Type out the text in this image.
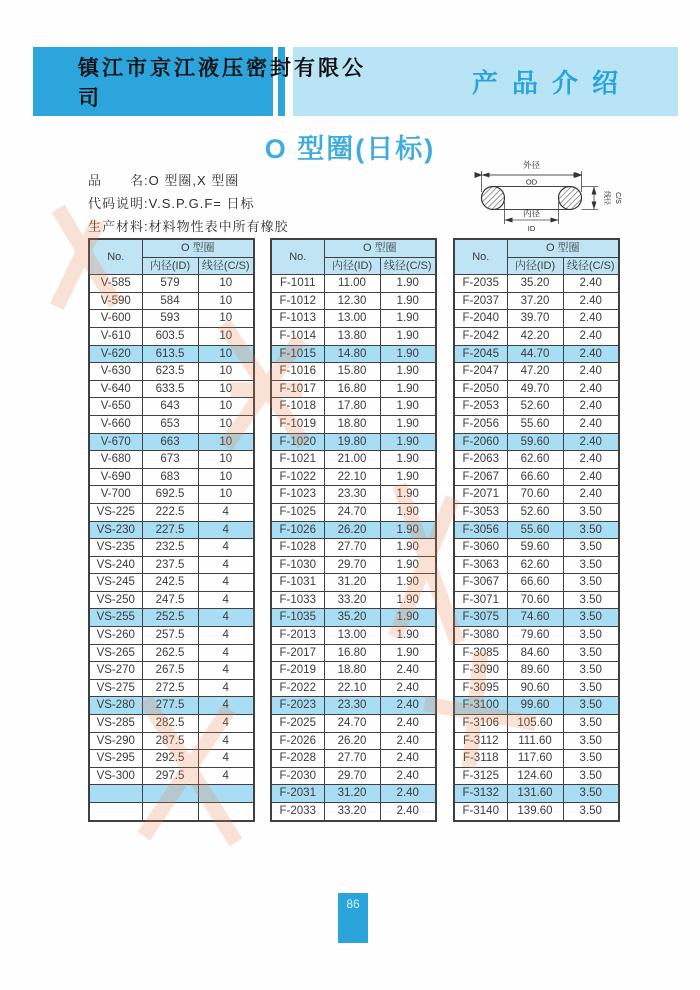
镇江市京江液压密封有限公司	产品介绍
O 型圈(日标)
品　　名:O 型圈,X 型圈
代码说明:V.S.P.G.F= 日标
生产材料:材料物性表中所有橡胶
外径
OD
内径
ID
线径 C/S
No.	O 型圈	
	内径(ID)	线径(C/S)
V-585	579	10
V-590	584	10
V-600	593	10
V-610	603.5	10
V-620	613.5	10
V-630	623.5	10
V-640	633.5	10
V-650	643	10
V-660	653	10
V-670	663	10
V-680	673	10
V-690	683	10
V-700	692.5	10
VS-225	222.5	4
VS-230	227.5	4
VS-235	232.5	4
VS-240	237.5	4
VS-245	242.5	4
VS-250	247.5	4
VS-255	252.5	4
VS-260	257.5	4
VS-265	262.5	4
VS-270	267.5	4
VS-275	272.5	4
VS-280	277.5	4
VS-285	282.5	4
VS-290	287.5	4
VS-295	292.5	4
VS-300	297.5	4

No.	O 型圈	
	内径(ID)	线径(C/S)
F-1011	11.00	1.90
F-1012	12.30	1.90
F-1013	13.00	1.90
F-1014	13.80	1.90
F-1015	14.80	1.90
F-1016	15.80	1.90
F-1017	16.80	1.90
F-1018	17.80	1.90
F-1019	18.80	1.90
F-1020	19.80	1.90
F-1021	21.00	1.90
F-1022	22.10	1.90
F-1023	23.30	1.90
F-1025	24.70	1.90
F-1026	26.20	1.90
F-1028	27.70	1.90
F-1030	29.70	1.90
F-1031	31.20	1.90
F-1033	33.20	1.90
F-1035	35.20	1.90
F-2013	13.00	1.90
F-2017	16.80	1.90
F-2019	18.80	2.40
F-2022	22.10	2.40
F-2023	23.30	2.40
F-2025	24.70	2.40
F-2026	26.20	2.40
F-2028	27.70	2.40
F-2030	29.70	2.40
F-2031	31.20	2.40
F-2033	33.20	2.40
No.	O 型圈	
	内径(ID)	线径(C/S)
F-2035	35.20	2.40
F-2037	37.20	2.40
F-2040	39.70	2.40
F-2042	42.20	2.40
F-2045	44.70	2.40
F-2047	47.20	2.40
F-2050	49.70	2.40
F-2053	52.60	2.40
F-2056	55.60	2.40
F-2060	59.60	2.40
F-2063	62.60	2.40
F-2067	66.60	2.40
F-2071	70.60	2.40
F-3053	52.60	3.50
F-3056	55.60	3.50
F-3060	59.60	3.50
F-3063	62.60	3.50
F-3067	66.60	3.50
F-3071	70.60	3.50
F-3075	74.60	3.50
F-3080	79.60	3.50
F-3085	84.60	3.50
F-3090	89.60	3.50
F-3095	90.60	3.50
F-3100	99.60	3.50
F-3106	105.60	3.50
F-3112	111.60	3.50
F-3118	117.60	3.50
F-3125	124.60	3.50
F-3132	131.60	3.50
F-3140	139.60	3.50
86
